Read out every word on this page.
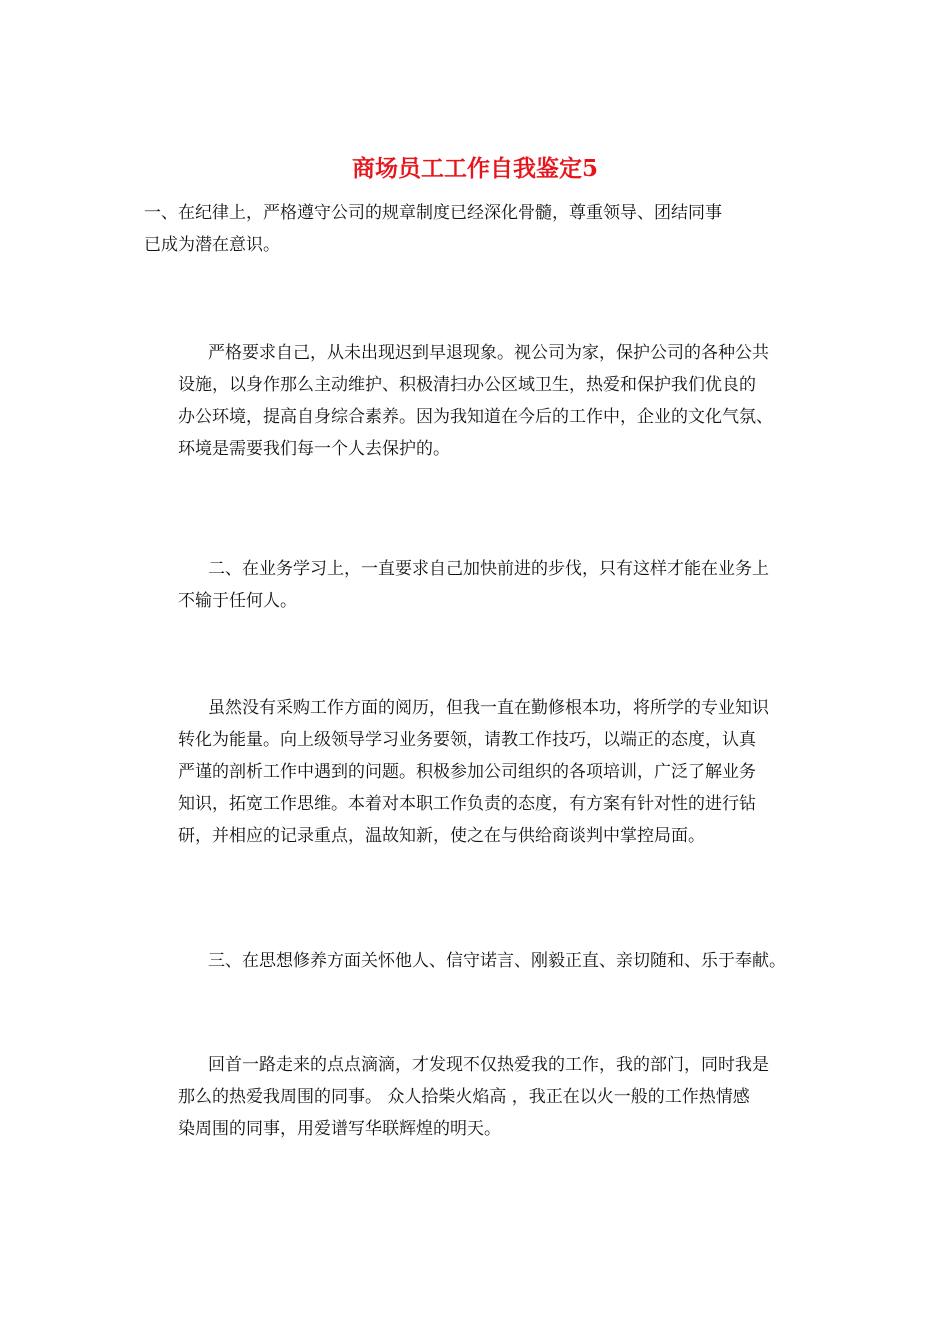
商场员工工作自我鉴定5
一、在纪律上，严格遵守公司的规章制度已经深化骨髓，尊重领导、团结同事
已成为潜在意识。
严格要求自己，从未出现迟到早退现象。视公司为家，保护公司的各种公共
设施，以身作那么主动维护、积极清扫办公区域卫生，热爱和保护我们优良的
办公环境，提高自身综合素养。因为我知道在今后的工作中，企业的文化气氛、
环境是需要我们每一个人去保护的。
二、在业务学习上，一直要求自己加快前进的步伐，只有这样才能在业务上
不输于任何人。
虽然没有采购工作方面的阅历，但我一直在勤修根本功，将所学的专业知识
转化为能量。向上级领导学习业务要领，请教工作技巧，以端正的态度，认真
严谨的剖析工作中遇到的问题。积极参加公司组织的各项培训，广泛了解业务
知识，拓宽工作思维。本着对本职工作负责的态度，有方案有针对性的进行钻
研，并相应的记录重点，温故知新，使之在与供给商谈判中掌控局面。
三、在思想修养方面关怀他人、信守诺言、刚毅正直、亲切随和、乐于奉献。
回首一路走来的点点滴滴，才发现不仅热爱我的工作，我的部门，同时我是
那么的热爱我周围的同事。 众人拾柴火焰高 ，我正在以火一般的工作热情感
染周围的同事，用爱谱写华联辉煌的明天。
